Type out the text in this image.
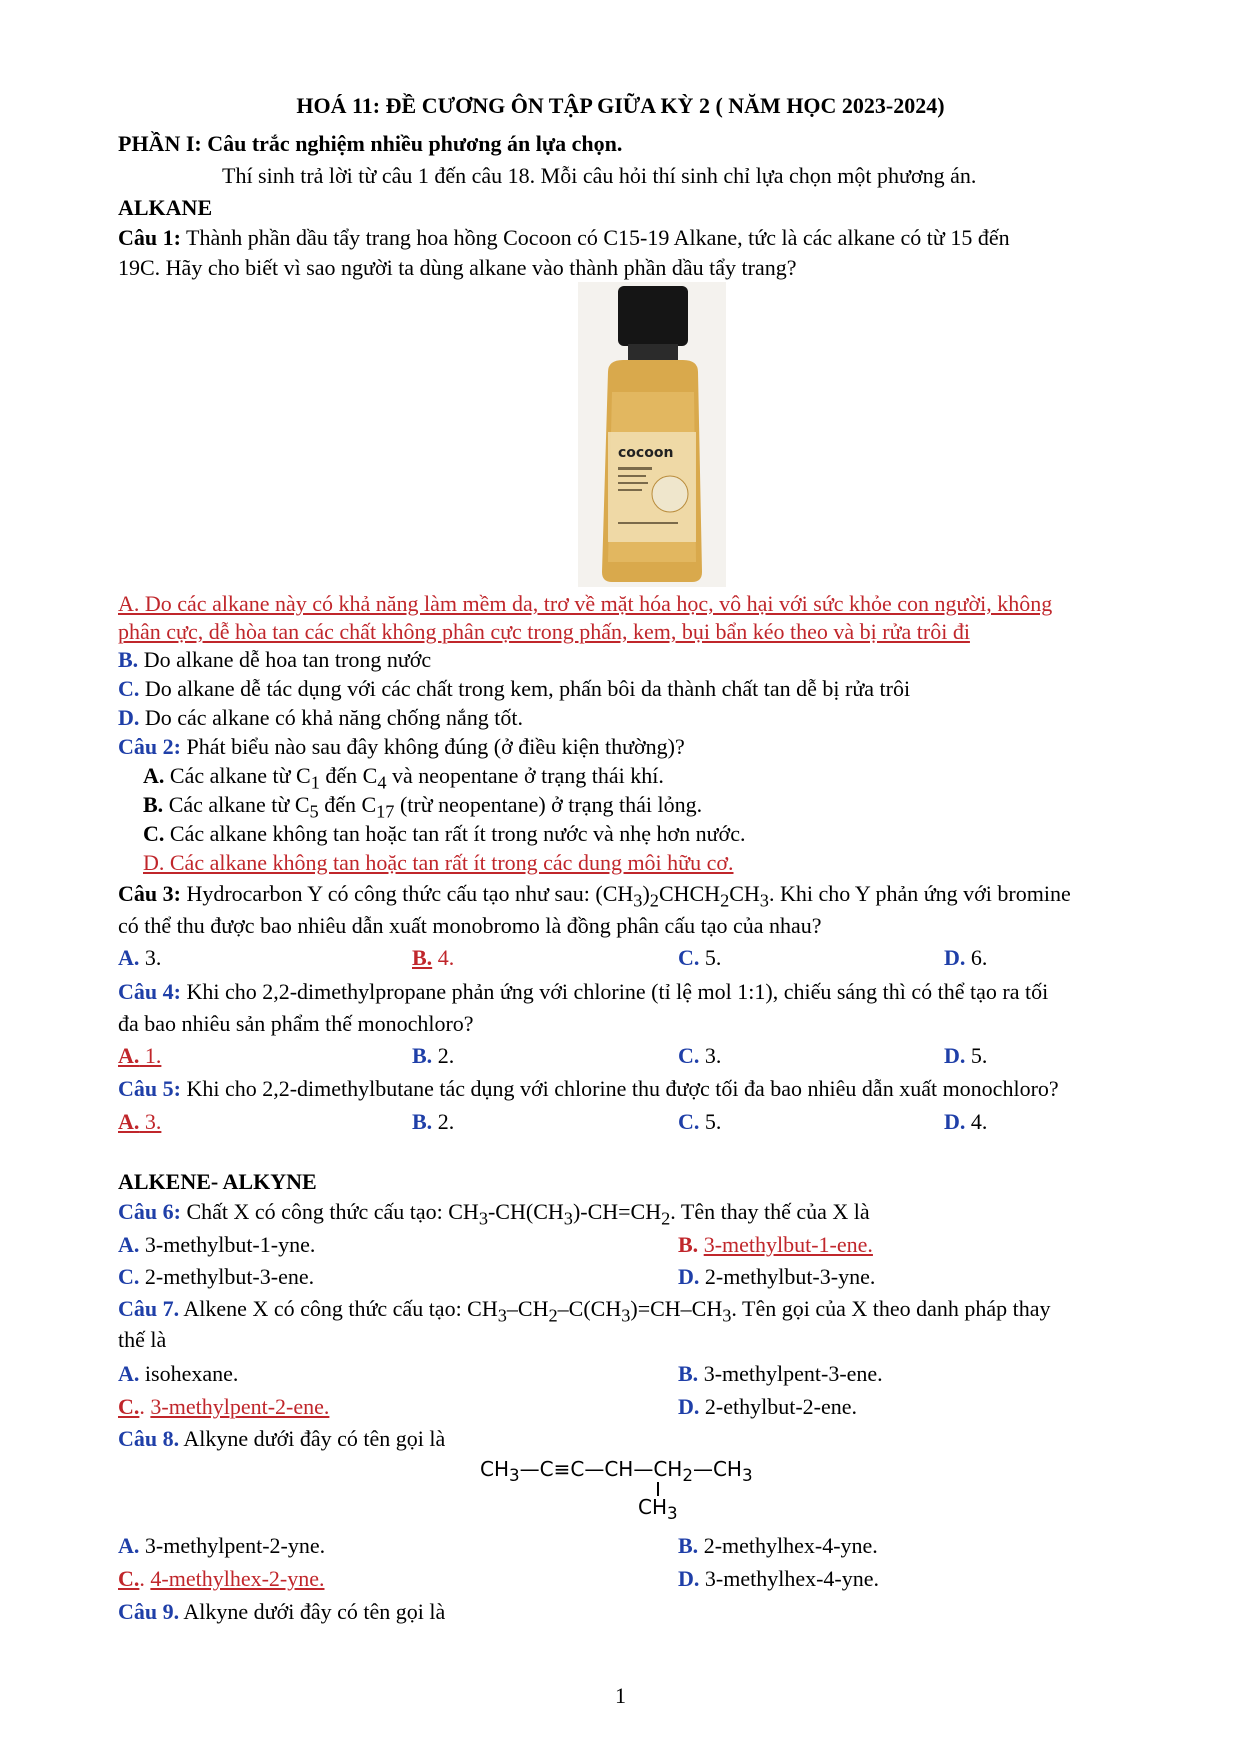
HOÁ 11: ĐỀ CƯƠNG ÔN TẬP GIỮA KỲ 2 ( NĂM HỌC 2023-2024)
PHẦN I: Câu trắc nghiệm nhiều phương án lựa chọn.
Thí sinh trả lời từ câu 1 đến câu 18. Mỗi câu hỏi thí sinh chỉ lựa chọn một phương án.
ALKANE
Câu 1: Thành phần dầu tẩy trang hoa hồng Cocoon có C15-19 Alkane, tức là các alkane có từ 15 đến
19C. Hãy cho biết vì sao người ta dùng alkane vào thành phần dầu tẩy trang?
cocoon
A. Do các alkane này có khả năng làm mềm da, trơ về mặt hóa học, vô hại với sức khỏe con người, không
phân cực, dễ hòa tan các chất không phân cực trong phấn, kem, bụi bẩn kéo theo và bị rửa trôi đi
B. Do alkane dễ hoa tan trong nước
C. Do alkane dễ tác dụng với các chất trong kem, phấn bôi da thành chất tan dễ bị rửa trôi
D. Do các alkane có khả năng chống nắng tốt.
Câu 2: Phát biểu nào sau đây không đúng (ở điều kiện thường)?
A. Các alkane từ $C_1$ đến $C_4$ và neopentane ở trạng thái khí.
B. Các alkane từ $C_5$ đến $C_{17}$ (trừ neopentane) ở trạng thái lỏng.
C. Các alkane không tan hoặc tan rất ít trong nước và nhẹ hơn nước.
D. Các alkane không tan hoặc tan rất ít trong các dung môi hữu cơ.
Câu 3: Hydrocarbon Y có công thức cấu tạo như sau: $(CH_3)_2CHCH_2CH_3$. Khi cho Y phản ứng với bromine
có thể thu được bao nhiêu dẫn xuất monobromo là đồng phân cấu tạo của nhau?
A. 3.	B. 4.	C. 5.	D. 6.
Câu 4: Khi cho 2,2-dimethylpropane phản ứng với chlorine (tỉ lệ mol 1:1), chiếu sáng thì có thể tạo ra tối
đa bao nhiêu sản phẩm thế monochloro?
A. 1.	B. 2.	C. 3.	D. 5.
Câu 5: Khi cho 2,2-dimethylbutane tác dụng với chlorine thu được tối đa bao nhiêu dẫn xuất monochloro?
A. 3.	B. 2.	C. 5.	D. 4.
ALKENE- ALKYNE
Câu 6: Chất X có công thức cấu tạo: $CH_3-CH(CH_3)-CH=CH_2$. Tên thay thế của X là
A. 3-methylbut-1-yne.	B. 3-methylbut-1-ene.
C. 2-methylbut-3-ene.	D. 2-methylbut-3-yne.
Câu 7. Alkene X có công thức cấu tạo: $CH_3-CH_2-C(CH_3)=CH-CH_3$. Tên gọi của X theo danh pháp thay
thế là
A. isohexane.	B. 3-methylpent-3-ene.
C.. 3-methylpent-2-ene.	D. 2-ethylbut-2-ene.
Câu 8. Alkyne dưới đây có tên gọi là
$CH_3—C\equiv C—CH—CH_2—CH_3$
$CH_3$
A. 3-methylpent-2-yne.	B. 2-methylhex-4-yne.
C.. 4-methylhex-2-yne.	D. 3-methylhex-4-yne.
Câu 9. Alkyne dưới đây có tên gọi là
1
